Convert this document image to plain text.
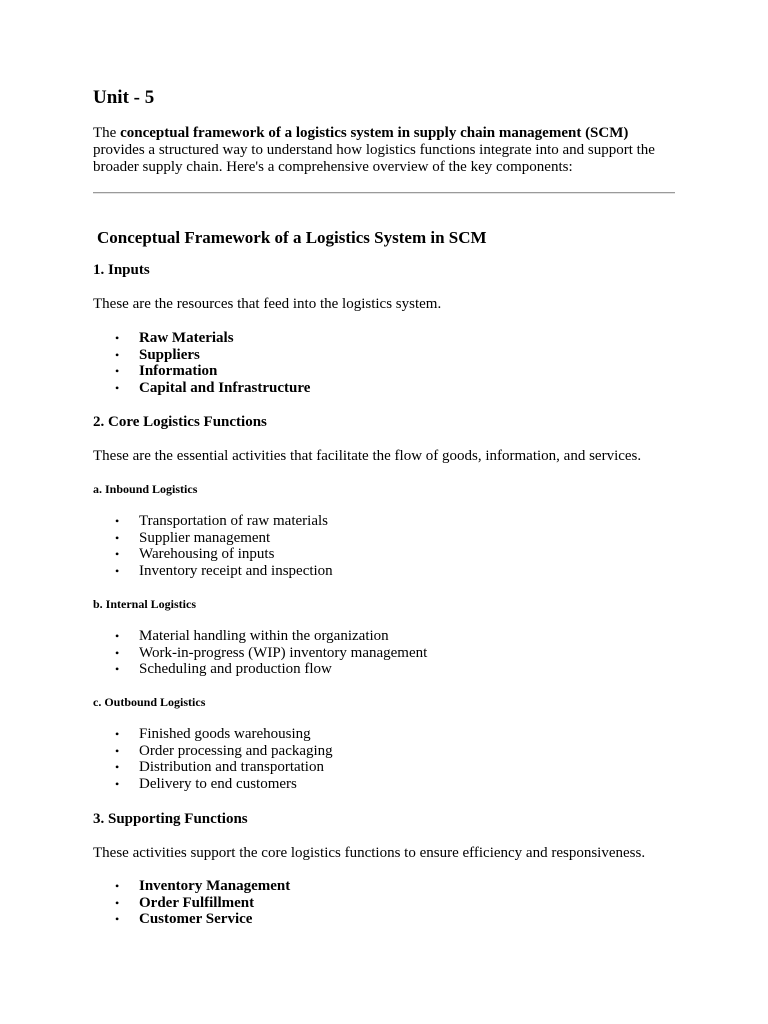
Unit - 5

The conceptual framework of a logistics system in supply chain management (SCM) provides a structured way to understand how logistics functions integrate into and support the broader supply chain. Here's a comprehensive overview of the key components:

Conceptual Framework of a Logistics System in SCM
1. Inputs

These are the resources that feed into the logistics system.

• Raw Materials
• Suppliers
• Information
• Capital and Infrastructure
2. Core Logistics Functions

These are the essential activities that facilitate the flow of goods, information, and services.

a. Inbound Logistics
• Transportation of raw materials
• Supplier management
• Warehousing of inputs
• Inventory receipt and inspection
b. Internal Logistics
• Material handling within the organization
• Work-in-progress (WIP) inventory management
• Scheduling and production flow
c. Outbound Logistics
• Finished goods warehousing
• Order processing and packaging
• Distribution and transportation
• Delivery to end customers
3. Supporting Functions

These activities support the core logistics functions to ensure efficiency and responsiveness.

• Inventory Management
• Order Fulfillment
• Customer Service
